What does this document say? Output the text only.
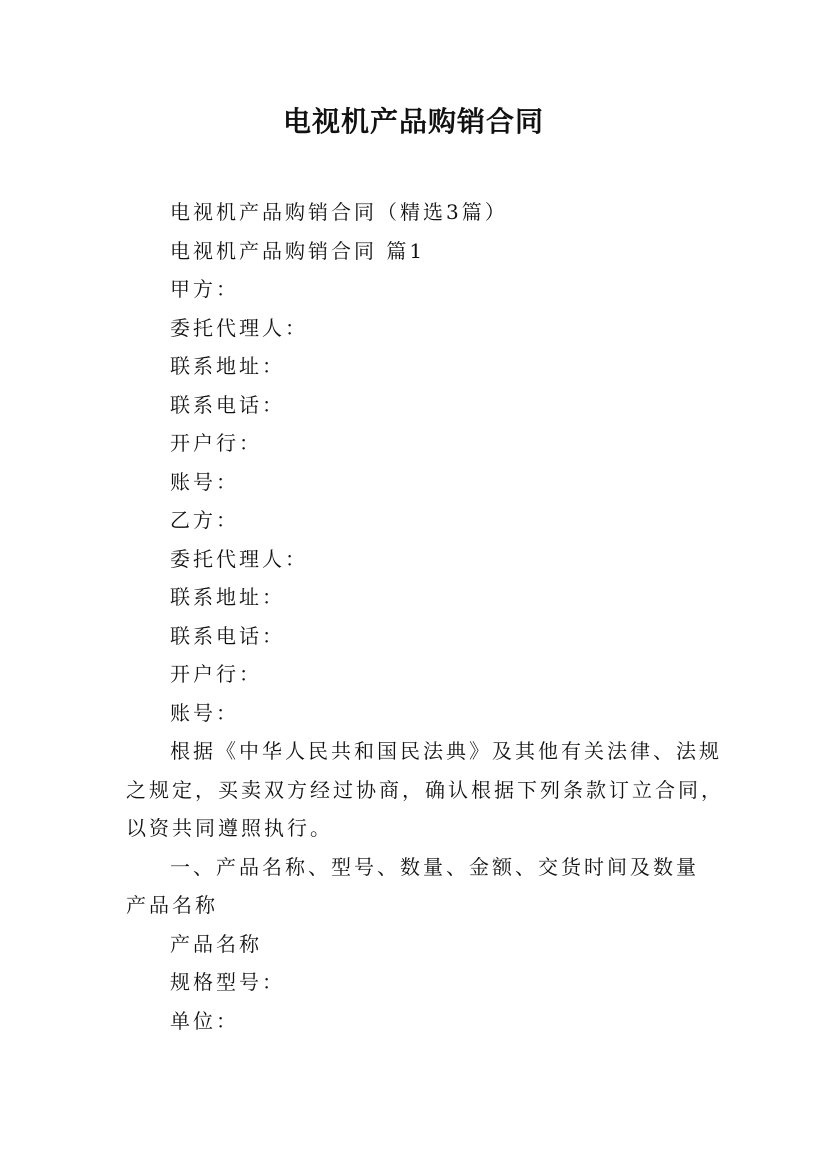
电视机产品购销合同

电视机产品购销合同（精选3篇）

电视机产品购销合同 篇1

甲方：

委托代理人：

联系地址：

联系电话：

开户行：

账号：

乙方：

委托代理人：

联系地址：

联系电话：

开户行：

账号：

根据《中华人民共和国民法典》及其他有关法律、法规
之规定，买卖双方经过协商，确认根据下列条款订立合同，
以资共同遵照执行。

一、产品名称、型号、数量、金额、交货时间及数量
产品名称

产品名称

规格型号：

单位：
